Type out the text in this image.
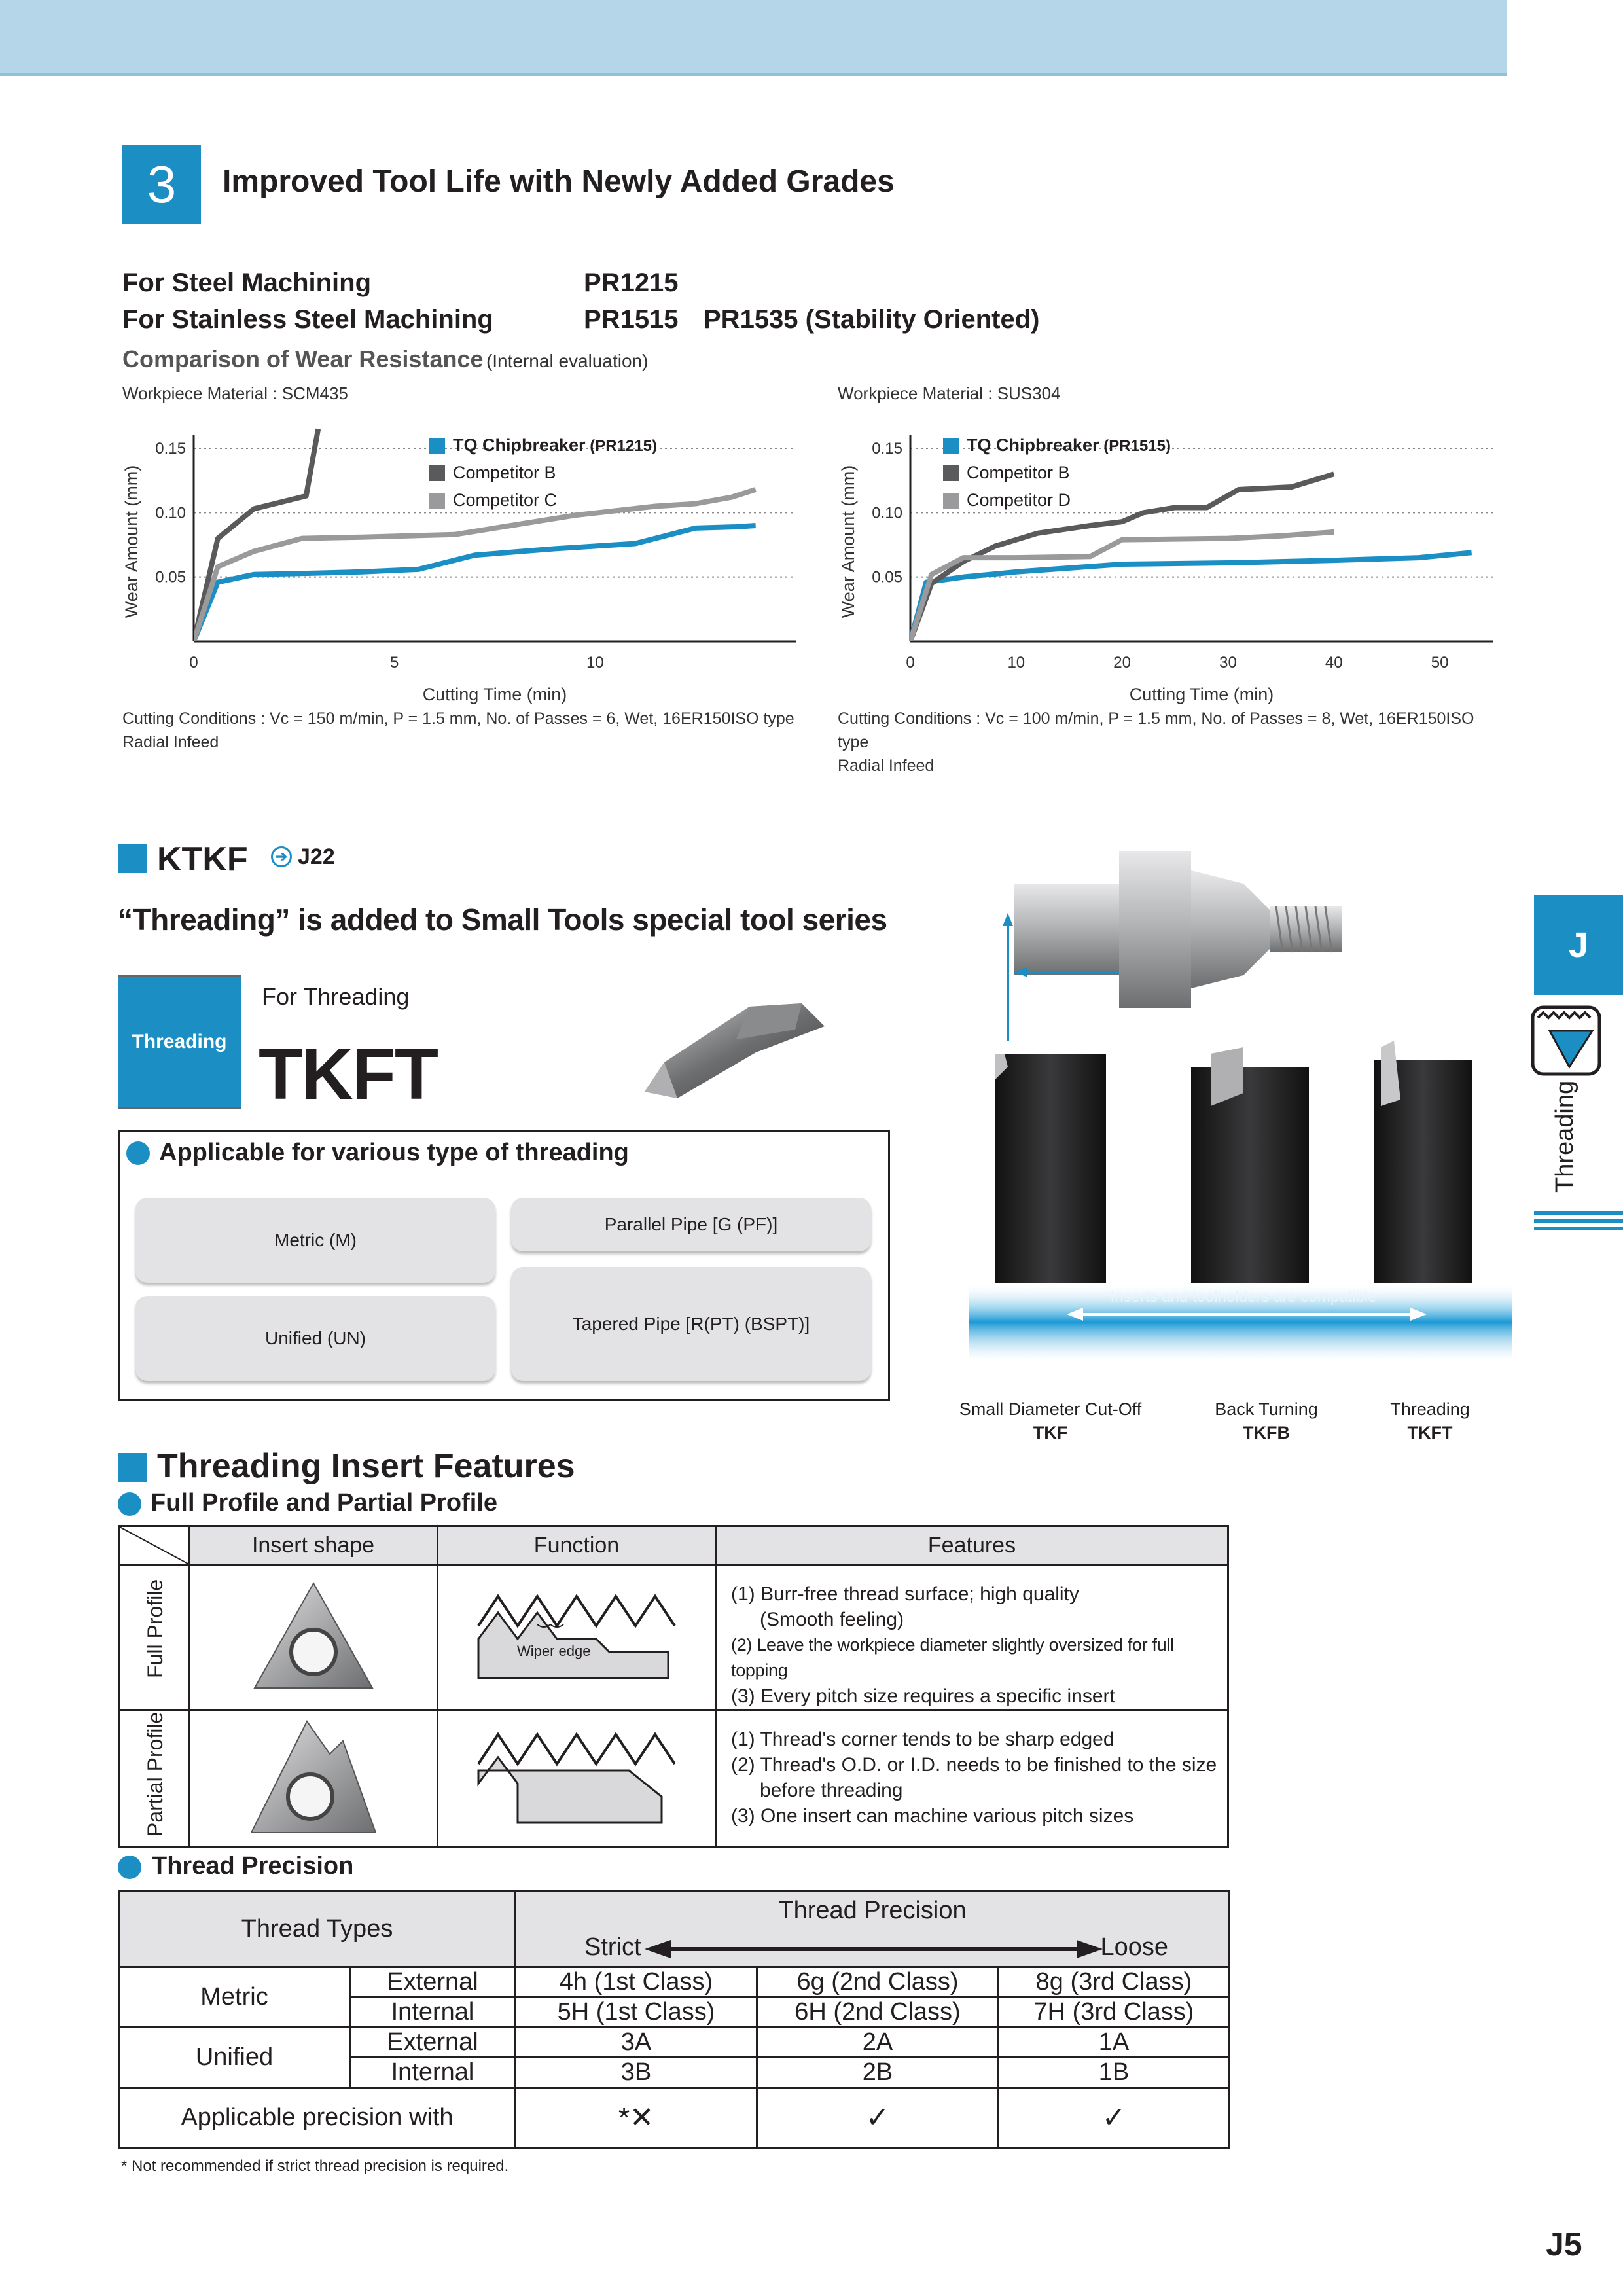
3	Improved Tool Life with Newly Added Grades
For Steel Machining	PR1215
For Stainless Steel Machining	PR1515 PR1535 (Stability Oriented)
Comparison of Wear Resistance (Internal evaluation)
Workpiece Material : SCM435
0.05
0.10
0.15
0	5	10
Cutting Time (min)
Wear Amount (mm)
TQ Chipbreaker (PR1215)
Competitor B
Competitor C
Cutting Conditions : Vc = 150 m/min, P = 1.5 mm, No. of Passes = 6, Wet, 16ER150ISO type
Radial Infeed
Workpiece Material : SUS304
0.05
0.10
0.15
0	10	20	30	40	50
Cutting Time (min)
Wear Amount (mm)
TQ Chipbreaker (PR1515)
Competitor B
Competitor D
Cutting Conditions : Vc = 100 m/min, P = 1.5 mm, No. of Passes = 8, Wet, 16ER150ISO type
Radial Infeed
KTKF	➔ J22
“Threading” is added to Small Tools special tool series
Threading
For Threading
TKFT
Applicable for various type of threading
Metric (M)
Unified (UN)
Parallel Pipe [G (PF)]
Tapered Pipe [R(PT) (BSPT)]
Inserts and toolholders are compatible
Small Diameter Cut-Off
TKF
Back Turning
TKFB
Threading
TKFT
Threading Insert Features
Full Profile and Partial Profile
	Insert shape	Function	Features

Full Profile			(1) Burr-free thread surface; high quality
(Smooth feeling)
(2) Leave the workpiece diameter slightly oversized for full topping
(3) Every pitch size requires a specific insert

Partial Profile			(1) Thread's corner tends to be sharp edged
(2) Thread's O.D. or I.D. needs to be finished to the size
before threading
(3) One insert can machine various pitch sizes
Wiper edge
Thread Precision
Thread Types		Thread Precision		

		Strict Loose		

Metric	External	4h (1st Class)	6g (2nd Class)	8g (3rd Class)
	Internal	5H (1st Class)	6H (2nd Class)	7H (3rd Class)
Unified	External	3A	2A	1A
	Internal	3B	2B	1B
Applicable precision with		*✕	✓	✓
* Not recommended if strict thread precision is required.
J
Threading
J5
